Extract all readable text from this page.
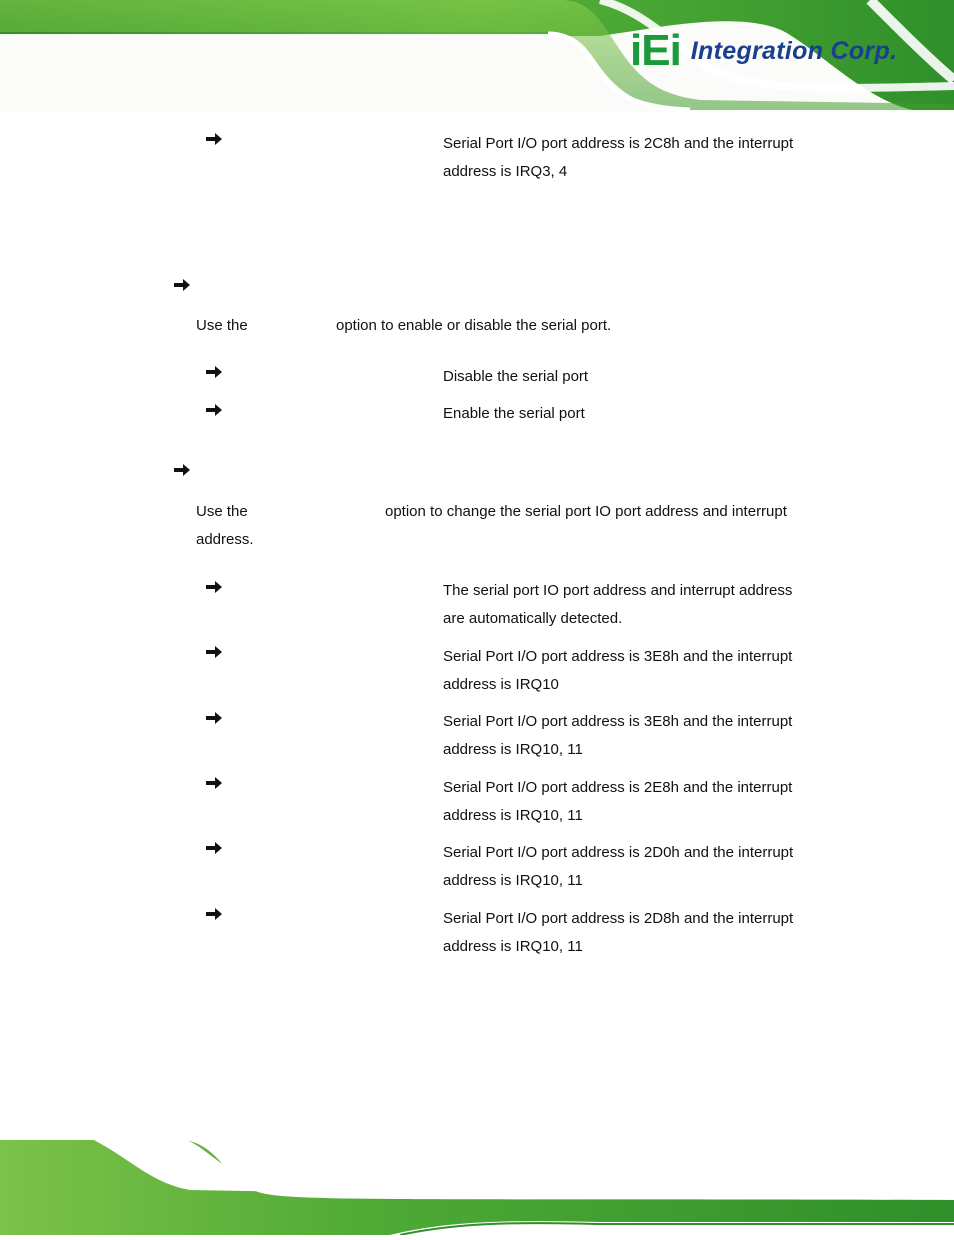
iEi Integration Corp.
Serial Port I/O port address is 2C8h and the interrupt
address is IRQ3, 4
Use the	option to enable or disable the serial port.
Disable the serial port
Enable the serial port
Use the	option to change the serial port IO port address and interrupt
address.
The serial port IO port address and interrupt address
are automatically detected.
Serial Port I/O port address is 3E8h and the interrupt
address is IRQ10
Serial Port I/O port address is 3E8h and the interrupt
address is IRQ10, 11
Serial Port I/O port address is 2E8h and the interrupt
address is IRQ10, 11
Serial Port I/O port address is 2D0h and the interrupt
address is IRQ10, 11
Serial Port I/O port address is 2D8h and the interrupt
address is IRQ10, 11
